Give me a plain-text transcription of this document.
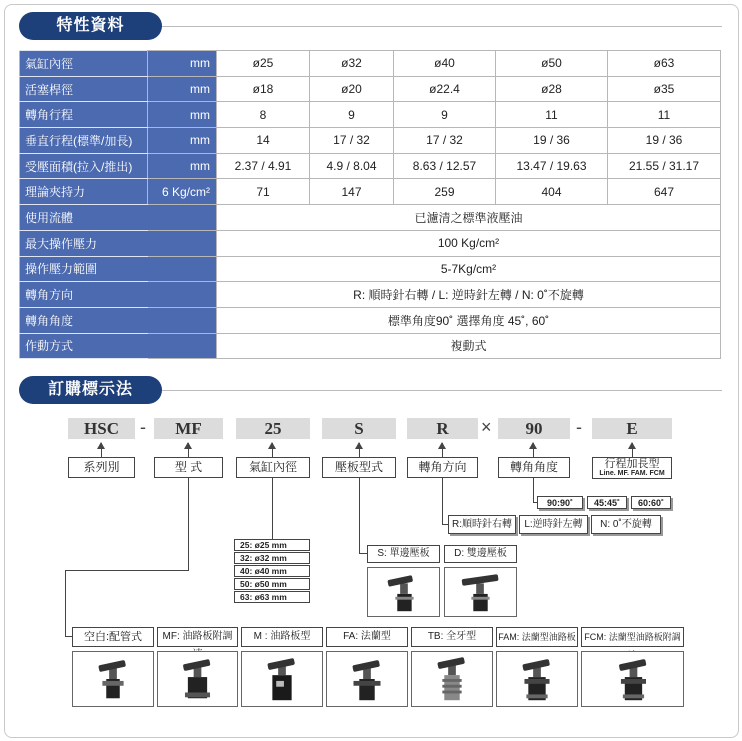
特性資料
氣缸內徑	mm	ø25	ø32	ø40	ø50	ø63
活塞桿徑	mm	ø18	ø20	ø22.4	ø28	ø35
轉角行程	mm	8	9	9	11	11
垂直行程(標準/加長)	mm	14	17 / 32	17 / 32	19 / 36	19 / 36
受壓面積(拉入/推出)	mm	2.37 / 4.91	4.9 / 8.04	8.63 / 12.57	13.47 / 19.63	21.55 / 31.17
理論夾持力	6 Kg/cm²	71	147	259	404	647
使用流體		已濾清之標準液壓油				
最大操作壓力		100 Kg/cm²				
操作壓力範圍		5-7Kg/cm²				
轉角方向		R: 順時針右轉 / L: 逆時針左轉 / N: 0˚不旋轉				
轉角角度		標準角度90˚ 選擇角度 45˚, 60˚				
作動方式		複動式				
訂購標示法
HSC	-	MF	25	S	R	×	90	-	E
系列別	型 式	氣缸內徑	壓板型式	轉角方向	轉角角度	行程加長型
Line. MF. FAM. FCM
90:90˚	45:45˚	60:60˚
R:順時針右轉	L:逆時針左轉	N: 0˚不旋轉
25: ø25 mm
32: ø32 mm
40: ø40 mm
50: ø50 mm
63: ø63 mm
S: 單邊壓板	D: 雙邊壓板
空白:配管式	MF: 油路板附調	M : 油路板型	FA: 法蘭型	TB: 全牙型	FAM: 法蘭型油路板 FCM: 法蘭型油路板附調
